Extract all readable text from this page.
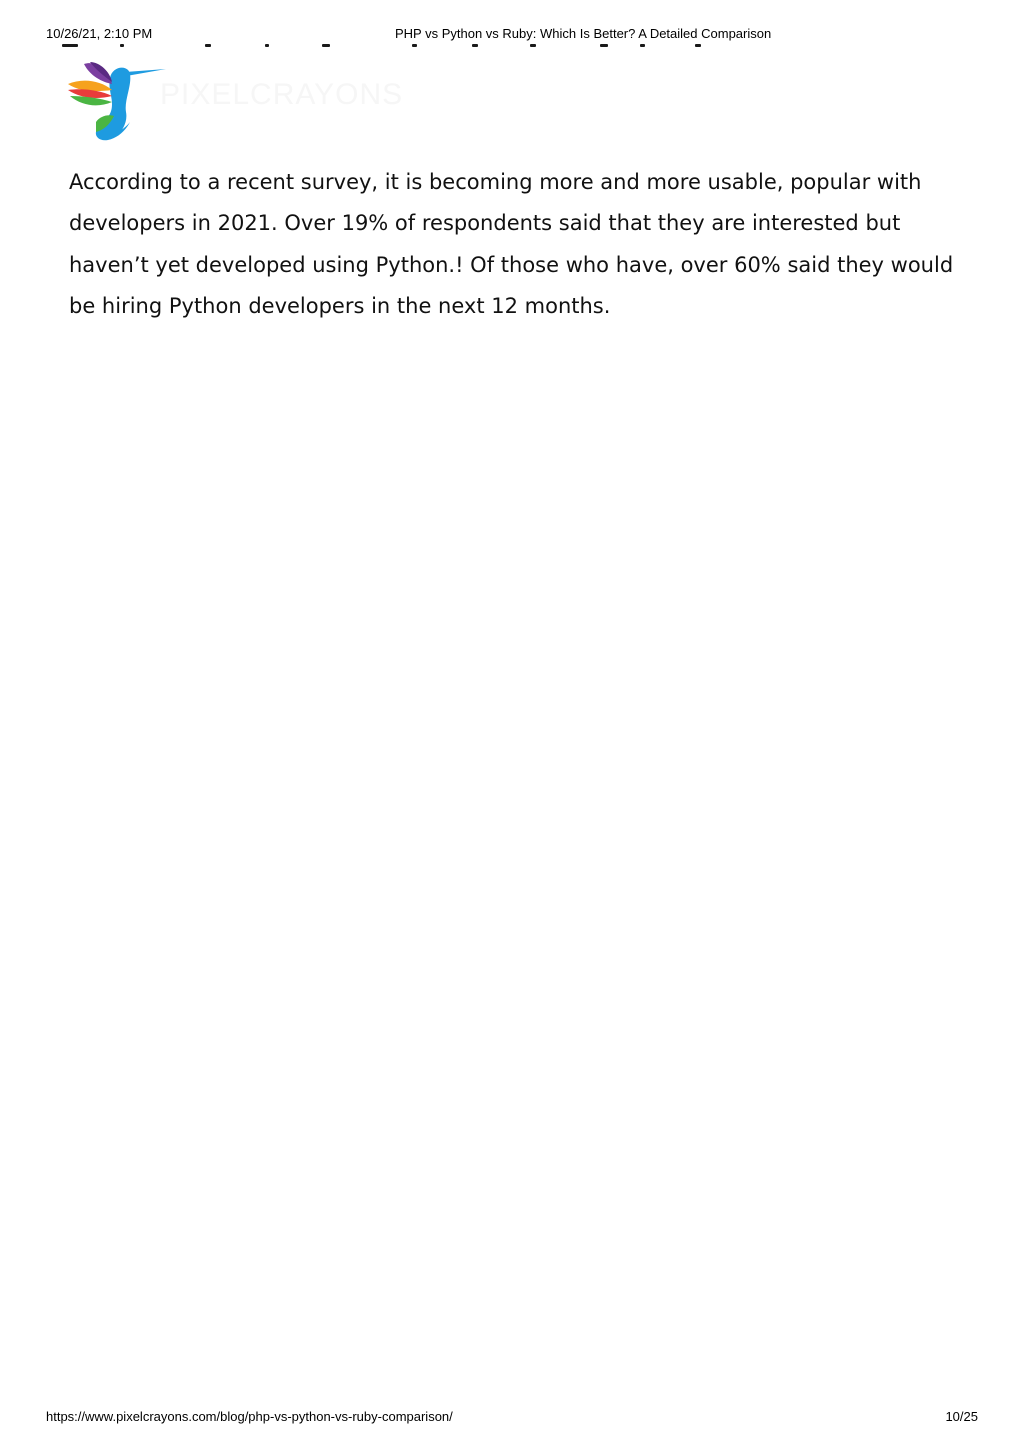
10/26/21, 2:10 PM	PHP vs Python vs Ruby: Which Is Better? A Detailed Comparison
PIXELCRAYONS

According to a recent survey, it is becoming more and more usable, popular with developers in 2021. Over 19% of respondents said that they are interested but haven’t yet developed using Python.! Of those who have, over 60% said they would be hiring Python developers in the next 12 months.

https://www.pixelcrayons.com/blog/php-vs-python-vs-ruby-comparison/	10/25
